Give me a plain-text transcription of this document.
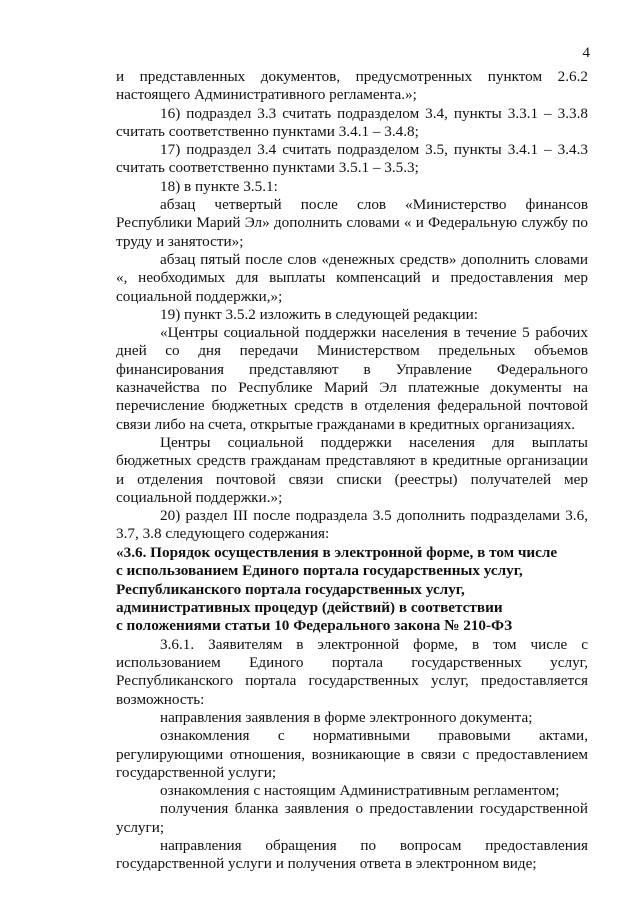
4

и представленных документов, предусмотренных пунктом 2.6.2 настоящего Административного регламента.»;

16) подраздел 3.3 считать подразделом 3.4, пункты 3.3.1 – 3.3.8 считать соответственно пунктами 3.4.1 – 3.4.8;

17) подраздел 3.4 считать подразделом 3.5, пункты 3.4.1 – 3.4.3 считать соответственно пунктами 3.5.1 – 3.5.3;

18) в пункте 3.5.1:

абзац четвертый после слов «Министерство финансов Республики Марий Эл» дополнить словами « и Федеральную службу по труду и занятости»;

абзац пятый после слов «денежных средств» дополнить словами «, необходимых для выплаты компенсаций и предоставления мер социальной поддержки,»;

19) пункт 3.5.2 изложить в следующей редакции:

«Центры социальной поддержки населения в течение 5 рабочих дней со дня передачи Министерством предельных объемов финансирования представляют в Управление Федерального казначейства по Республике Марий Эл платежные документы на перечисление бюджетных средств в отделения федеральной почтовой связи либо на счета, открытые гражданами в кредитных организациях.

Центры социальной поддержки населения для выплаты бюджетных средств гражданам представляют в кредитные организации и отделения почтовой связи списки (реестры) получателей мер социальной поддержки.»;

20) раздел III после подраздела 3.5 дополнить подразделами 3.6, 3.7, 3.8 следующего содержания:

«3.6. Порядок осуществления в электронной форме, в том числе

с использованием Единого портала государственных услуг,

Республиканского портала государственных услуг,

административных процедур (действий) в соответствии

с положениями статьи 10 Федерального закона № 210-ФЗ

3.6.1. Заявителям в электронной форме, в том числе с использованием Единого портала государственных услуг, Республиканского портала государственных услуг, предоставляется возможность:

направления заявления в форме электронного документа;

ознакомления с нормативными правовыми актами, регулирующими отношения, возникающие в связи с предоставлением государственной услуги;

ознакомления с настоящим Административным регламентом;

получения бланка заявления о предоставлении государственной услуги;

направления обращения по вопросам предоставления государственной услуги и получения ответа в электронном виде;
